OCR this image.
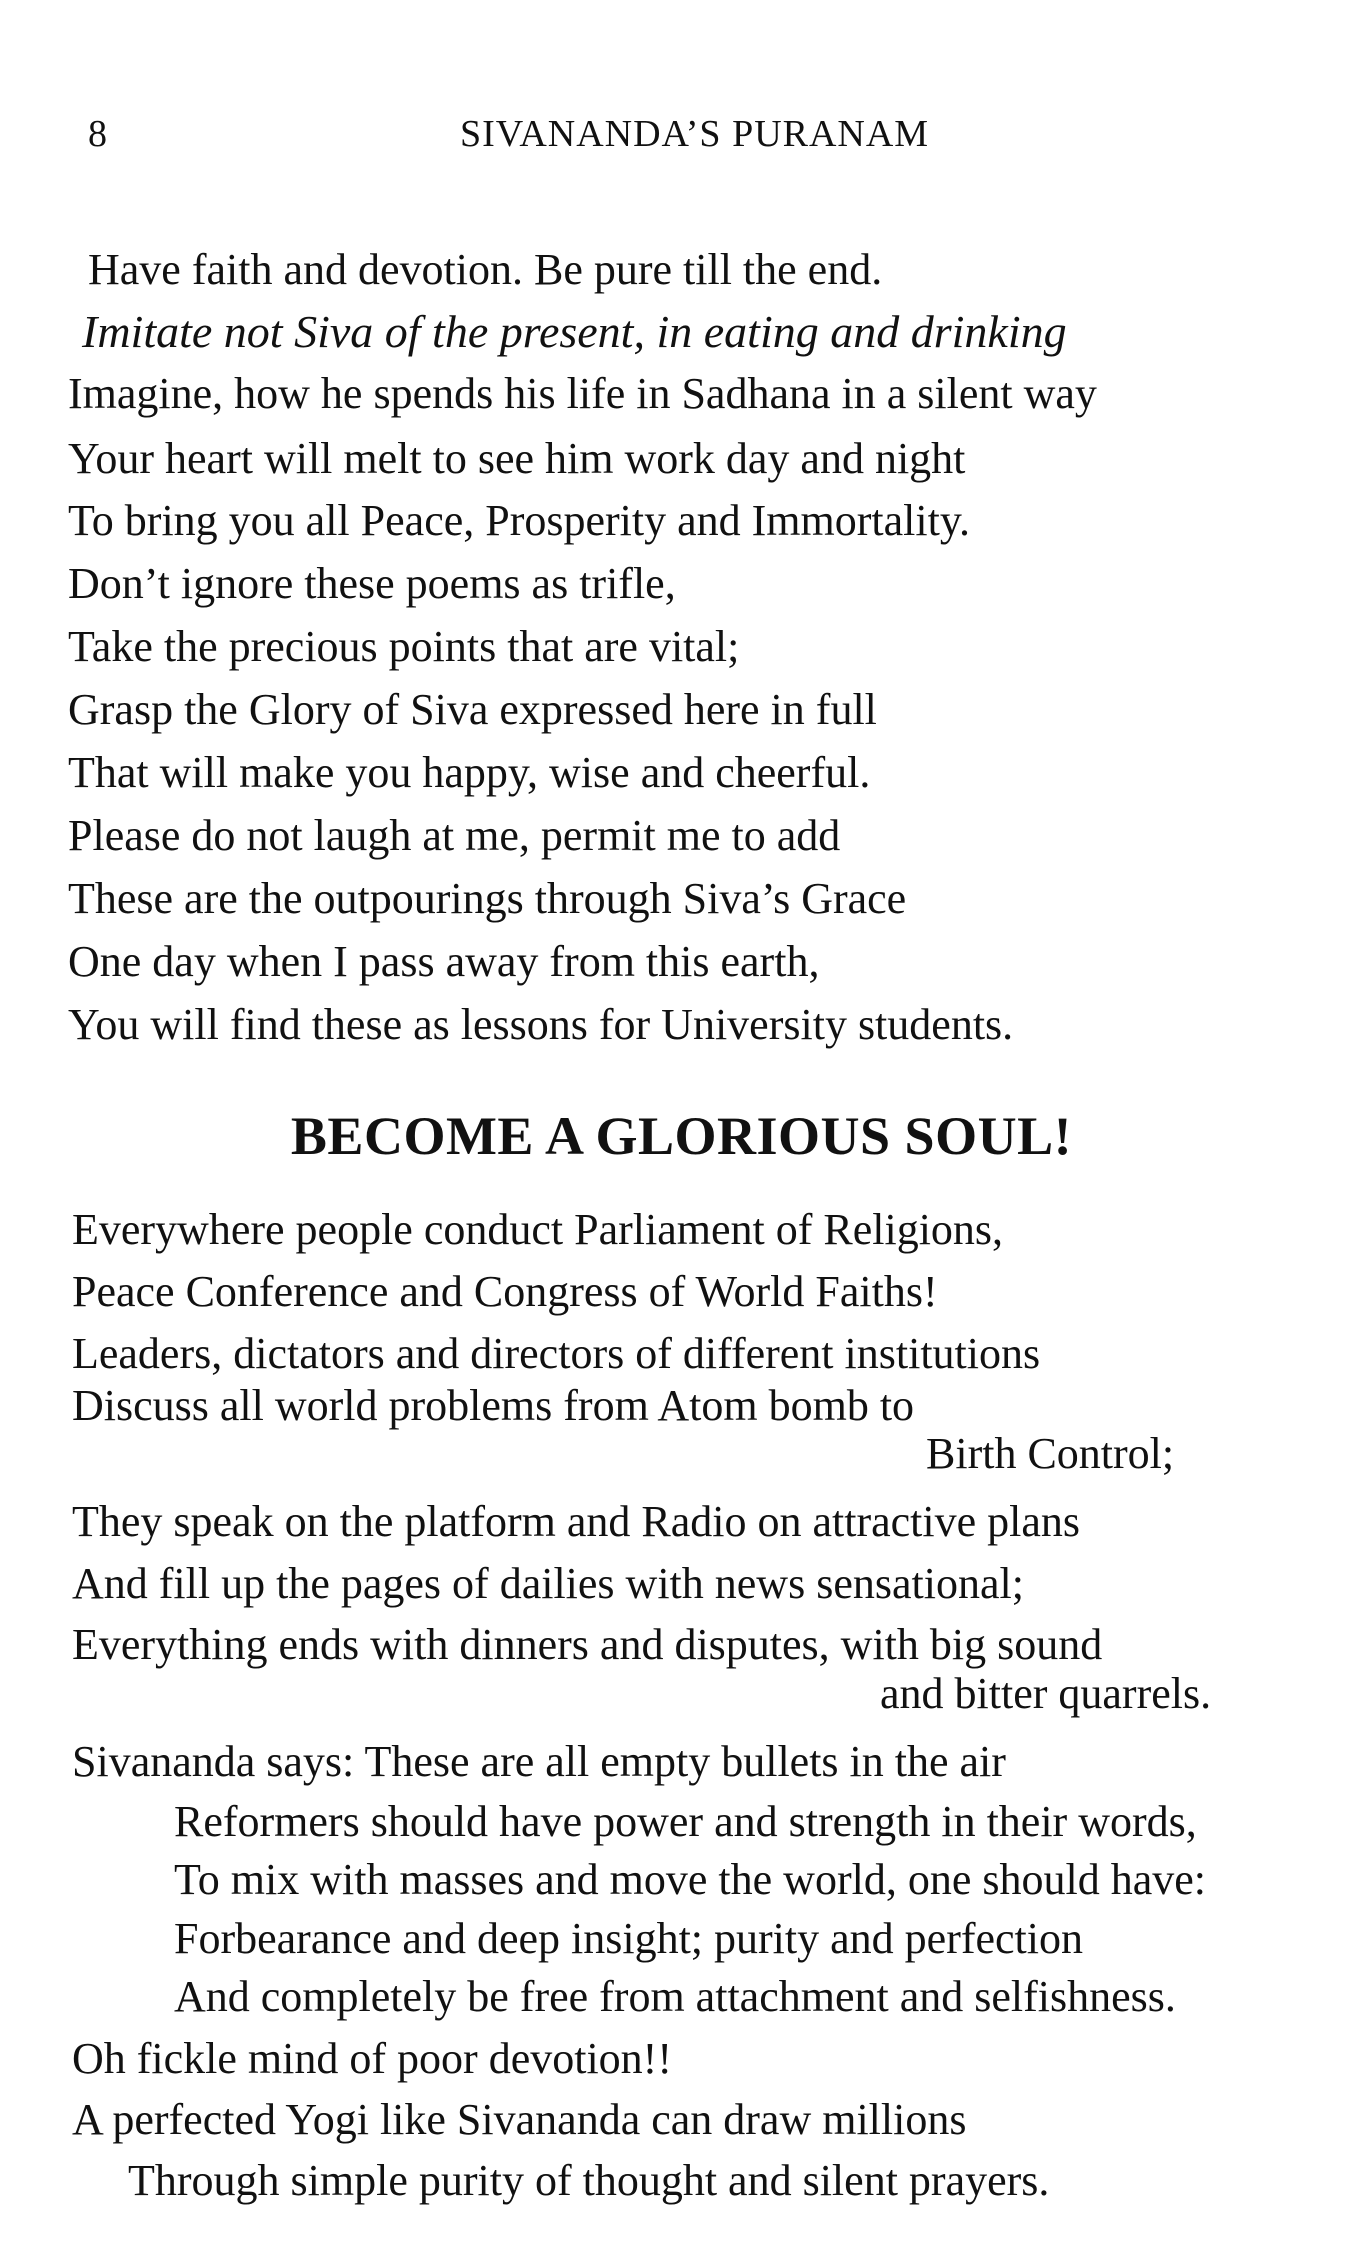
8	SIVANANDA’S PURANAM
Have faith and devotion. Be pure till the end.
Imitate not Siva of the present, in eating and drinking
Imagine, how he spends his life in Sadhana in a silent way
Your heart will melt to see him work day and night
To bring you all Peace, Prosperity and Immortality.
Don’t ignore these poems as trifle,
Take the precious points that are vital;
Grasp the Glory of Siva expressed here in full
That will make you happy, wise and cheerful.
Please do not laugh at me, permit me to add
These are the outpourings through Siva’s Grace
One day when I pass away from this earth,
You will find these as lessons for University students.
BECOME A GLORIOUS SOUL!
Everywhere people conduct Parliament of Religions,
Peace Conference and Congress of World Faiths!
Leaders, dictators and directors of different institutions
Discuss all world problems from Atom bomb to
Birth Control;
They speak on the platform and Radio on attractive plans
And fill up the pages of dailies with news sensational;
Everything ends with dinners and disputes, with big sound
and bitter quarrels.
Sivananda says: These are all empty bullets in the air
Reformers should have power and strength in their words,
To mix with masses and move the world, one should have:
Forbearance and deep insight; purity and perfection
And completely be free from attachment and selfishness.
Oh fickle mind of poor devotion!!
A perfected Yogi like Sivananda can draw millions
Through simple purity of thought and silent prayers.
